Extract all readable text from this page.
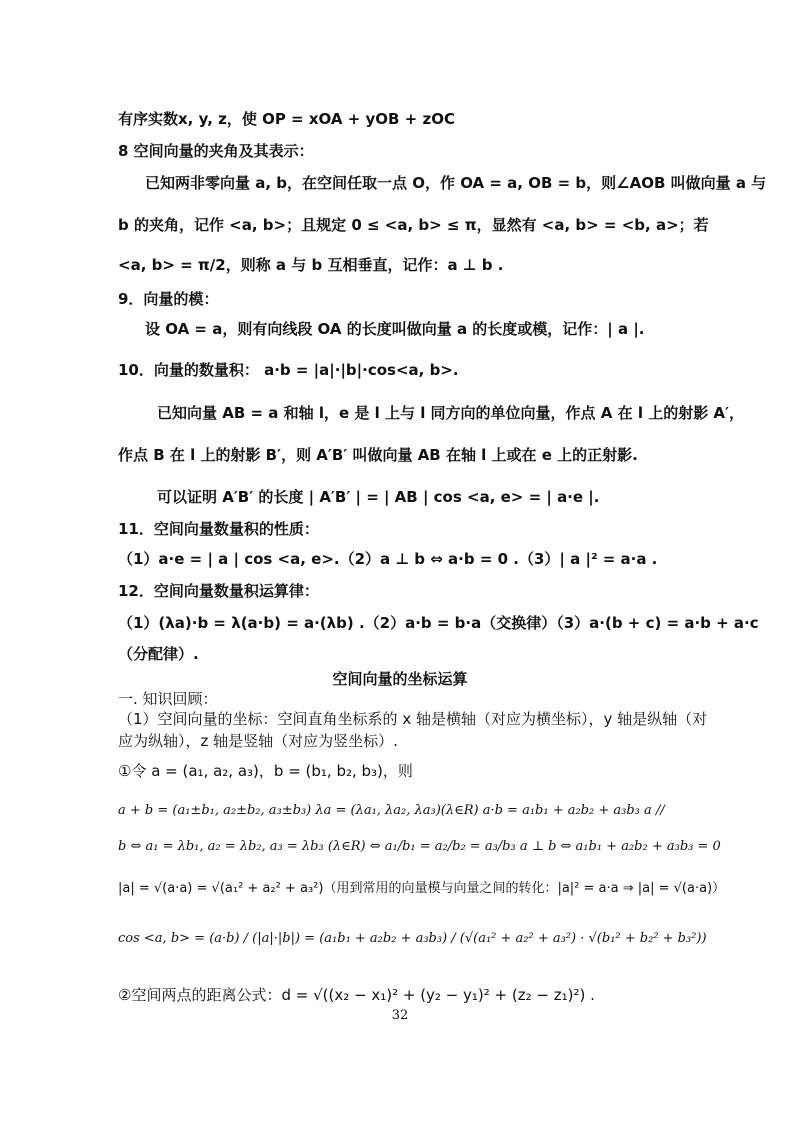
有序实数x, y, z，使 OP = xOA + yOB + zOC
8 空间向量的夹角及其表示：
已知两非零向量 a, b，在空间任取一点 O，作 OA = a, OB = b，则∠AOB 叫做向量 a 与
b 的夹角，记作 <a, b>；且规定 0 ≤ <a, b> ≤ π，显然有 <a, b> = <b, a>；若
<a, b> = π/2，则称 a 与 b 互相垂直，记作：a ⊥ b .
9．向量的模：
设 OA = a，则有向线段 OA 的长度叫做向量 a 的长度或模，记作：| a |.
10．向量的数量积： a·b = |a|·|b|·cos<a, b>.
已知向量 AB = a 和轴 l，e 是 l 上与 l 同方向的单位向量，作点 A 在 l 上的射影 A′，
作点 B 在 l 上的射影 B′，则 A′B′ 叫做向量 AB 在轴 l 上或在 e 上的正射影.
可以证明 A′B′ 的长度 | A′B′ | = | AB | cos <a, e> = | a·e |.
11．空间向量数量积的性质：
（1）a·e = | a | cos <a, e>.（2）a ⊥ b ⇔ a·b = 0 .（3）| a |² = a·a .
12．空间向量数量积运算律：
（1）(λa)·b = λ(a·b) = a·(λb) .（2）a·b = b·a（交换律）（3）a·(b + c) = a·b + a·c
（分配律）.
空间向量的坐标运算
一. 知识回顾：
（1）空间向量的坐标：空间直角坐标系的 x 轴是横轴（对应为横坐标），y 轴是纵轴（对
应为纵轴），z 轴是竖轴（对应为竖坐标）.
①令 a = (a₁, a₂, a₃)，b = (b₁, b₂, b₃)，则
a + b = (a₁±b₁, a₂±b₂, a₃±b₃) λa = (λa₁, λa₂, λa₃)(λ∈R) a·b = a₁b₁ + a₂b₂ + a₃b₃ a //
b ⇔ a₁ = λb₁, a₂ = λb₂, a₃ = λb₃ (λ∈R) ⇔ a₁/b₁ = a₂/b₂ = a₃/b₃ a ⊥ b ⇔ a₁b₁ + a₂b₂ + a₃b₃ = 0
|a| = √(a·a) = √(a₁² + a₂² + a₃²)（用到常用的向量模与向量之间的转化：|a|² = a·a ⇒ |a| = √(a·a)）
cos <a, b> = (a·b) / (|a|·|b|) = (a₁b₁ + a₂b₂ + a₃b₃) / (√(a₁² + a₂² + a₃²) · √(b₁² + b₂² + b₃²))
②空间两点的距离公式：d = √((x₂ − x₁)² + (y₂ − y₁)² + (z₂ − z₁)²) .
32
